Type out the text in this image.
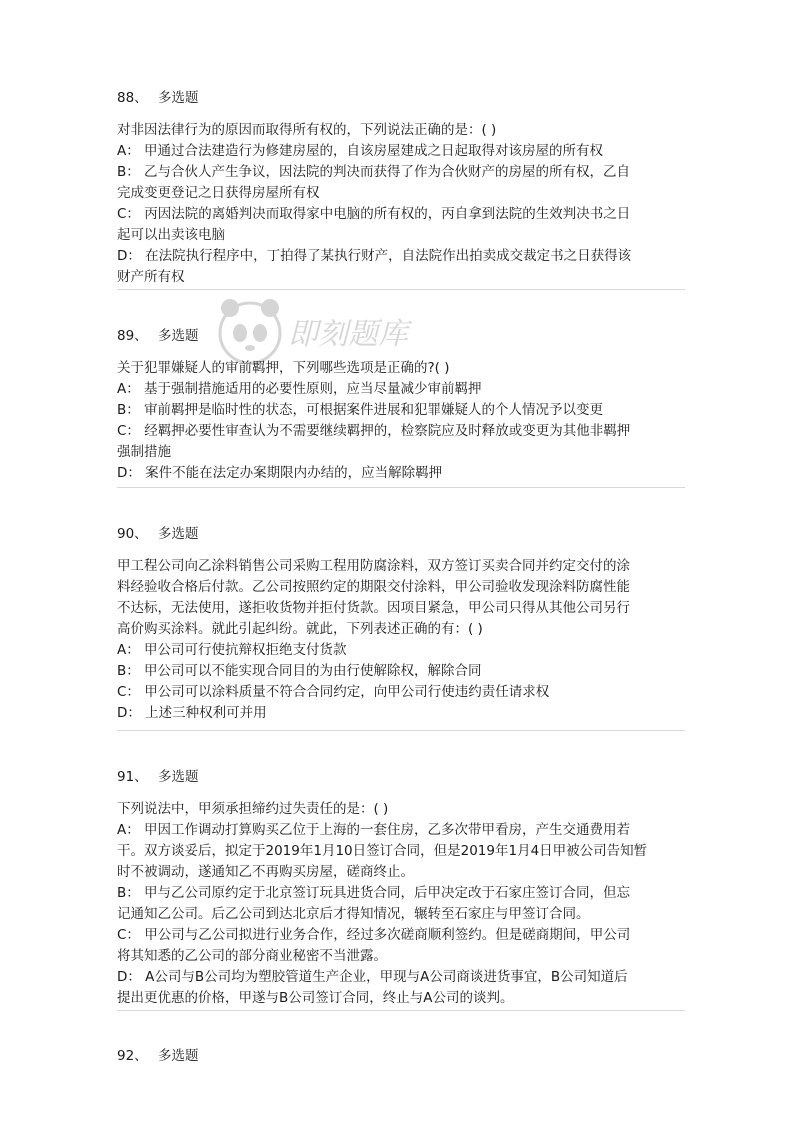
即刻题库
88、 多选题
对非因法律行为的原因而取得所有权的，下列说法正确的是：( )
A： 甲通过合法建造行为修建房屋的，自该房屋建成之日起取得对该房屋的所有权
B： 乙与合伙人产生争议，因法院的判决而获得了作为合伙财产的房屋的所有权，乙自
完成变更登记之日获得房屋所有权
C： 丙因法院的离婚判决而取得家中电脑的所有权的，丙自拿到法院的生效判决书之日
起可以出卖该电脑
D： 在法院执行程序中，丁拍得了某执行财产，自法院作出拍卖成交裁定书之日获得该
财产所有权
89、 多选题
关于犯罪嫌疑人的审前羁押，下列哪些选项是正确的?( )
A： 基于强制措施适用的必要性原则，应当尽量减少审前羁押
B： 审前羁押是临时性的状态，可根据案件进展和犯罪嫌疑人的个人情况予以变更
C： 经羁押必要性审查认为不需要继续羁押的，检察院应及时释放或变更为其他非羁押
强制措施
D： 案件不能在法定办案期限内办结的，应当解除羁押
90、 多选题
甲工程公司向乙涂料销售公司采购工程用防腐涂料，双方签订买卖合同并约定交付的涂
料经验收合格后付款。乙公司按照约定的期限交付涂料，甲公司验收发现涂料防腐性能
不达标，无法使用，遂拒收货物并拒付货款。因项目紧急，甲公司只得从其他公司另行
高价购买涂料。就此引起纠纷。就此，下列表述正确的有：( )
A： 甲公司可行使抗辩权拒绝支付货款
B： 甲公司可以不能实现合同目的为由行使解除权，解除合同
C： 甲公司可以涂料质量不符合合同约定，向甲公司行使违约责任请求权
D： 上述三种权利可并用
91、 多选题
下列说法中，甲须承担缔约过失责任的是：( )
A： 甲因工作调动打算购买乙位于上海的一套住房，乙多次带甲看房，产生交通费用若
干。双方谈妥后，拟定于2019年1月10日签订合同，但是2019年1月4日甲被公司告知暂
时不被调动，遂通知乙不再购买房屋，磋商终止。
B： 甲与乙公司原约定于北京签订玩具进货合同，后甲决定改于石家庄签订合同，但忘
记通知乙公司。后乙公司到达北京后才得知情况，辗转至石家庄与甲签订合同。
C： 甲公司与乙公司拟进行业务合作，经过多次磋商顺利签约。但是磋商期间，甲公司
将其知悉的乙公司的部分商业秘密不当泄露。
D： A公司与B公司均为塑胶管道生产企业，甲现与A公司商谈进货事宜，B公司知道后
提出更优惠的价格，甲遂与B公司签订合同，终止与A公司的谈判。
92、 多选题
